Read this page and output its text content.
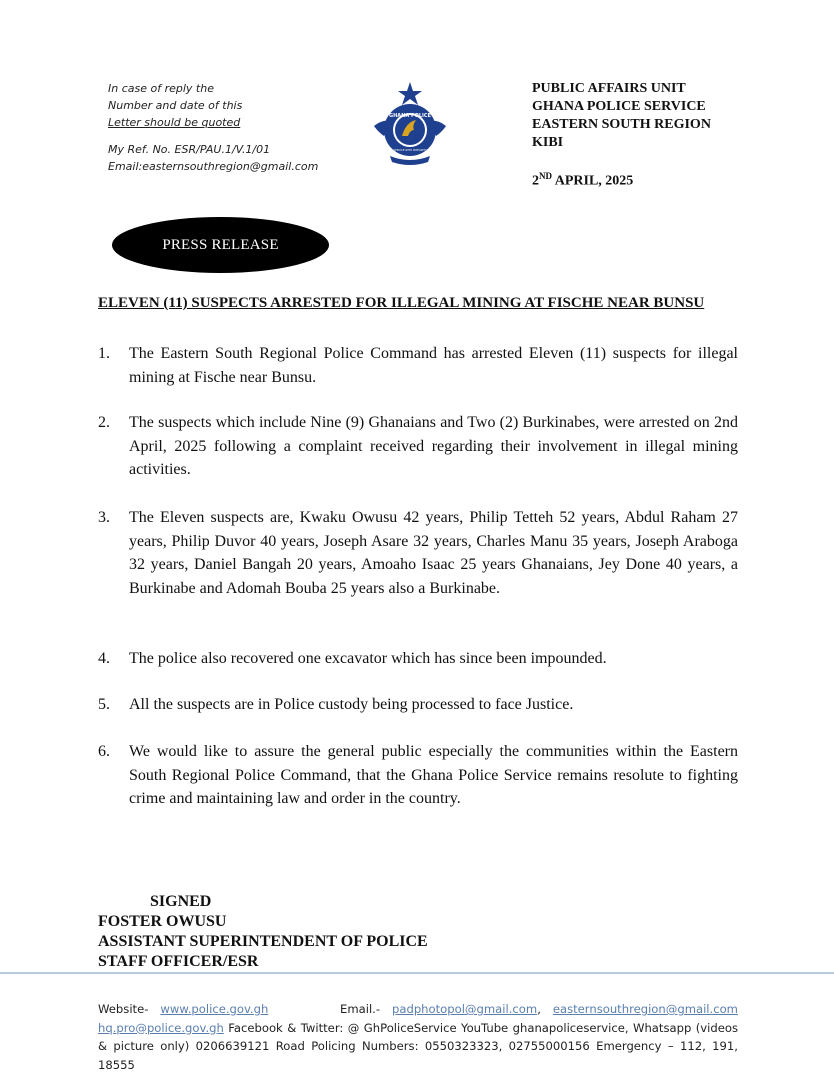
In case of reply the
Number and date of this
Letter should be quoted
My Ref. No. ESR/PAU.1/V.1/01
Email:easternsouthregion@gmail.com
GHANA POLICE
SERVICE WITH INTEGRITY
PUBLIC AFFAIRS UNIT
GHANA POLICE SERVICE
EASTERN SOUTH REGION
KIBI
2ND APRIL, 2025
PRESS RELEASE
ELEVEN (11) SUSPECTS ARRESTED FOR ILLEGAL MINING AT FISCHE NEAR BUNSU
1.	The Eastern South Regional Police Command has arrested Eleven (11) suspects for illegal mining at Fische near Bunsu.
2.	The suspects which include Nine (9) Ghanaians and Two (2) Burkinabes, were arrested on 2nd April, 2025 following a complaint received regarding their involvement in illegal mining activities.
3.	The Eleven suspects are, Kwaku Owusu 42 years, Philip Tetteh 52 years, Abdul Raham 27 years, Philip Duvor 40 years, Joseph Asare 32 years, Charles Manu 35 years, Joseph Araboga 32 years, Daniel Bangah 20 years, Amoaho Isaac 25 years Ghanaians, Jey Done 40 years, a Burkinabe and Adomah Bouba 25 years also a Burkinabe.
4.	The police also recovered one excavator which has since been impounded.
5.	All the suspects are in Police custody being processed to face Justice.
6.	We would like to assure the general public especially the communities within the Eastern South Regional Police Command, that the Ghana Police Service remains resolute to fighting crime and maintaining law and order in the country.
SIGNED
FOSTER OWUSU
ASSISTANT SUPERINTENDENT OF POLICE
STAFF OFFICER/ESR
Website- www.police.gov.gh	Email.- padphotopol@gmail.com, easternsouthregion@gmail.com hq.pro@police.gov.gh Facebook & Twitter: @ GhPoliceService YouTube ghanapoliceservice, Whatsapp (videos & picture only) 0206639121 Road Policing Numbers: 0550323323, 02755000156 Emergency – 112, 191, 18555
